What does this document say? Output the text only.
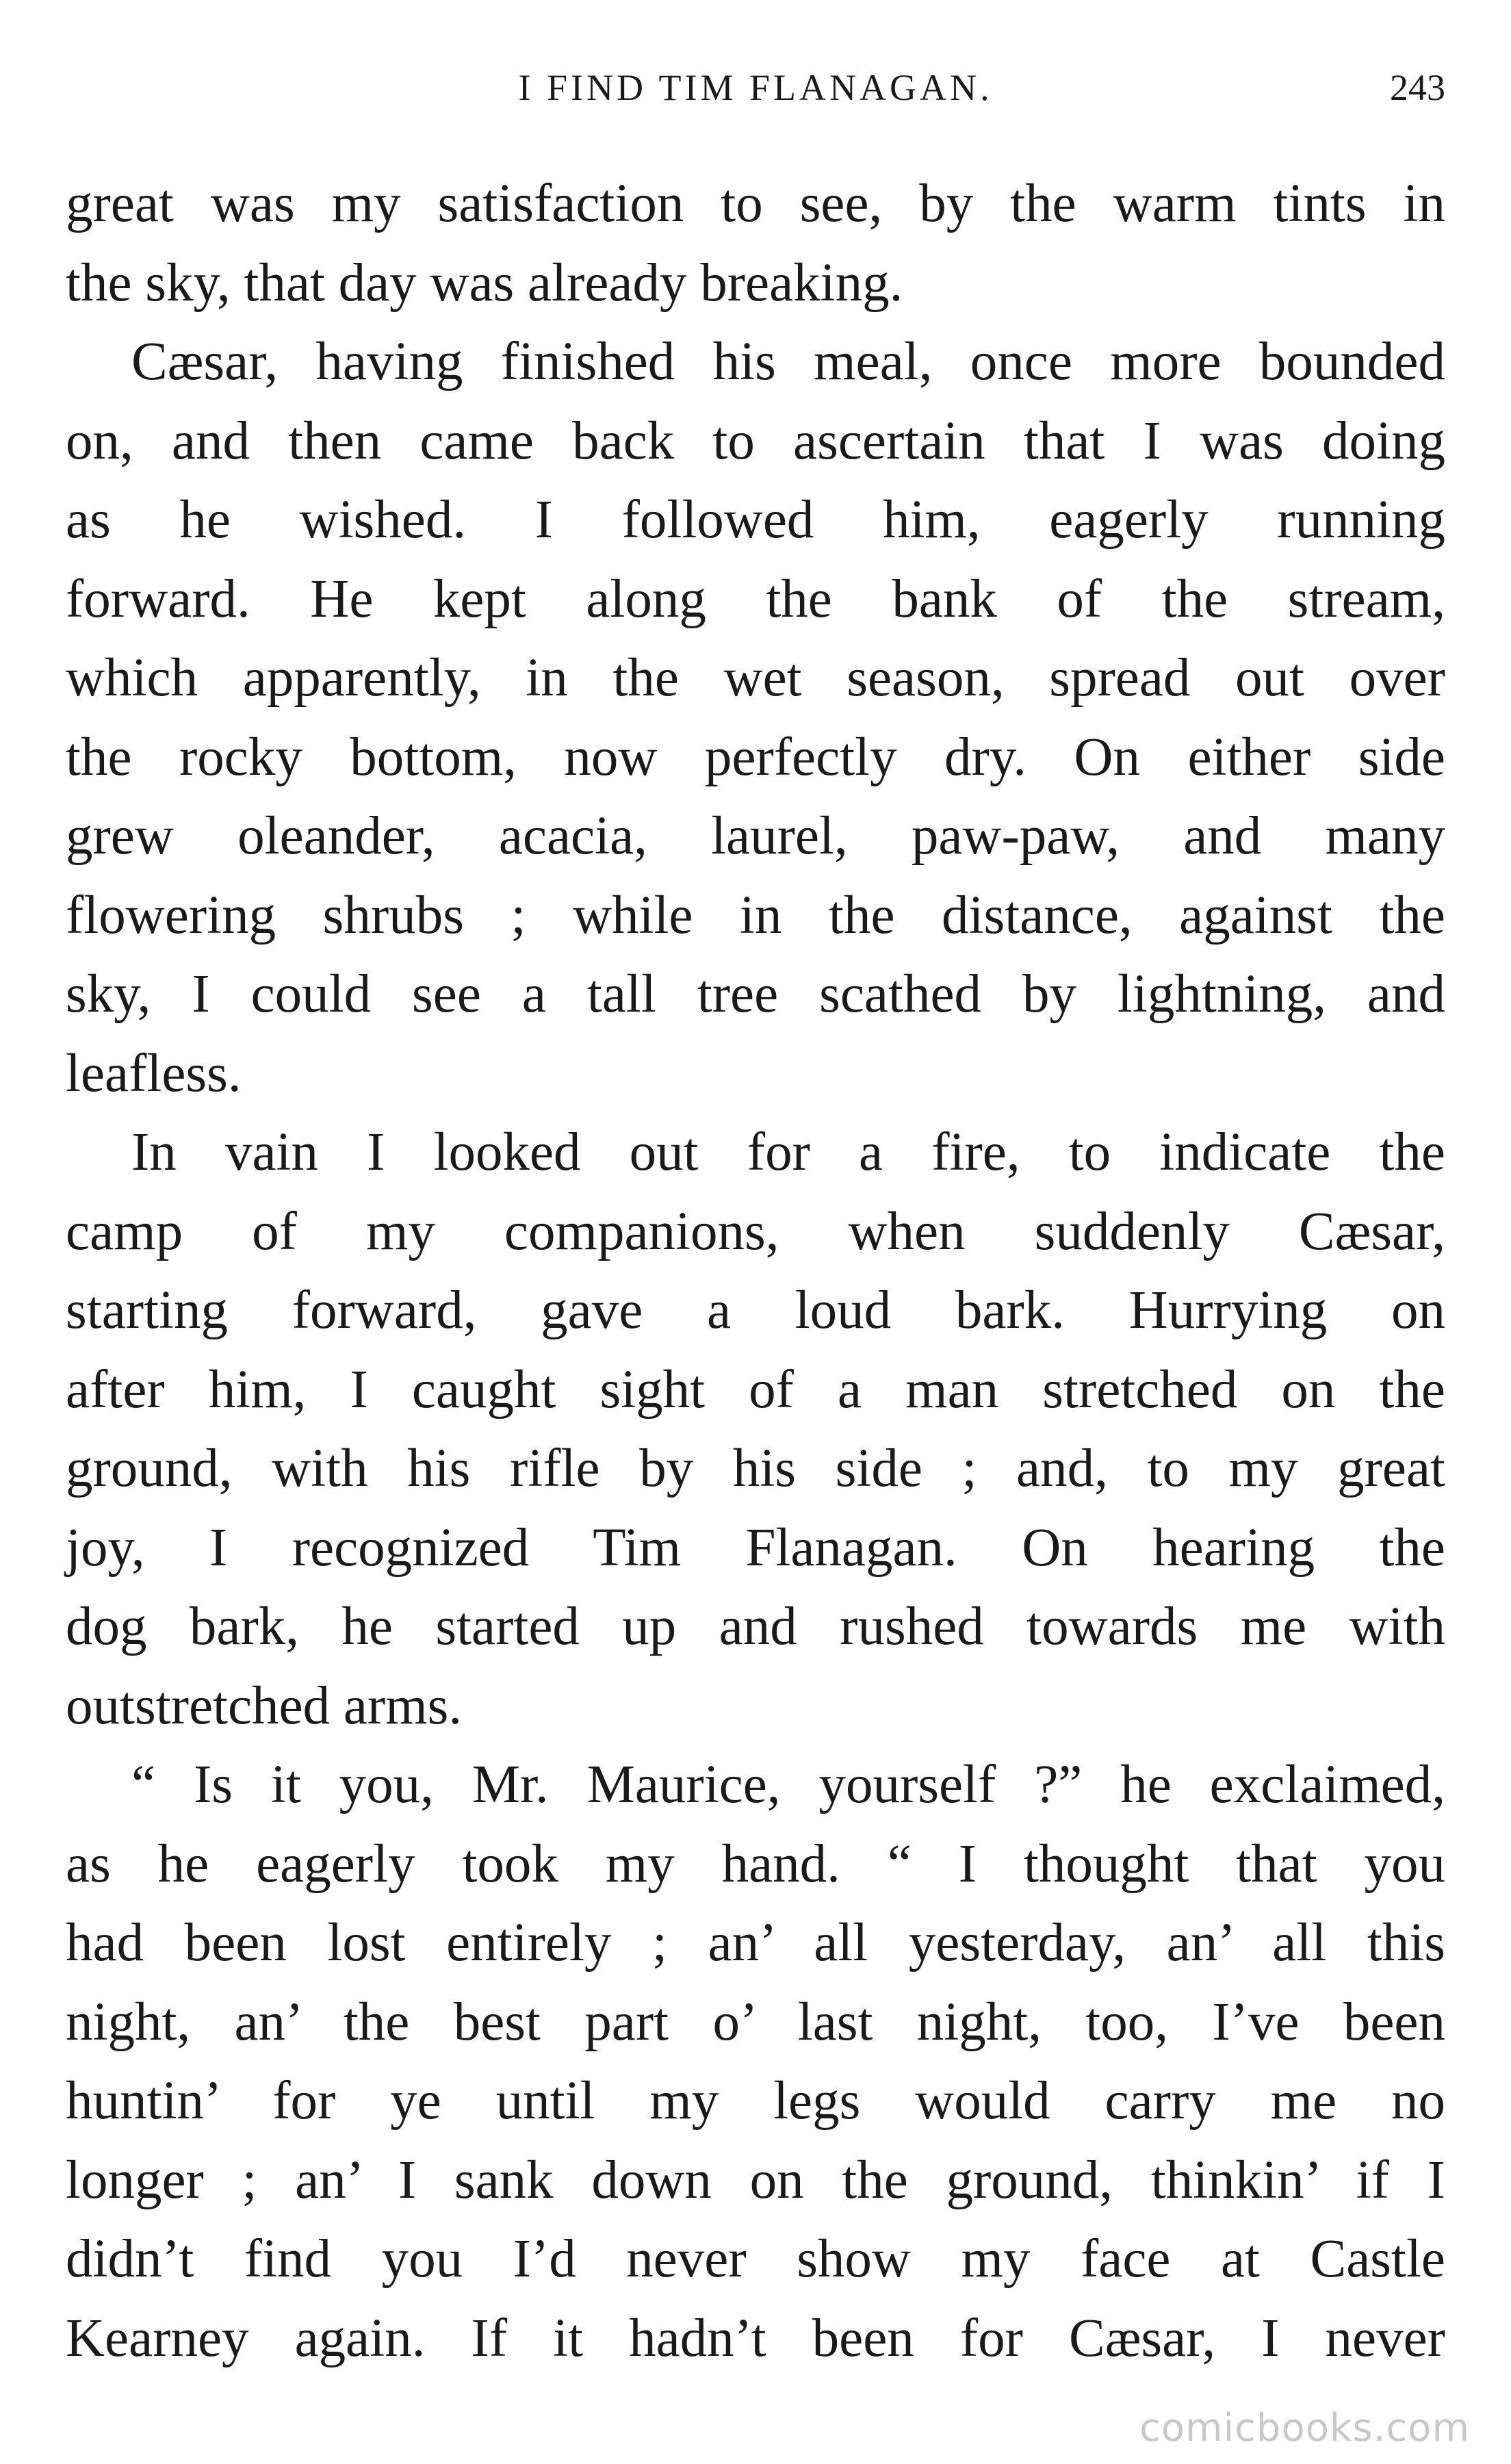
I FIND TIM FLANAGAN.	243

great was my satisfaction to see, by the warm tints in
the sky, that day was already breaking.

Cæsar, having finished his meal, once more bounded
on, and then came back to ascertain that I was doing
as he wished. I followed him, eagerly running
forward. He kept along the bank of the stream,
which apparently, in the wet season, spread out over
the rocky bottom, now perfectly dry. On either side
grew oleander, acacia, laurel, paw-paw, and many
flowering shrubs ; while in the distance, against the
sky, I could see a tall tree scathed by lightning, and
leafless.

In vain I looked out for a fire, to indicate the
camp of my companions, when suddenly Cæsar,
starting forward, gave a loud bark. Hurrying on
after him, I caught sight of a man stretched on the
ground, with his rifle by his side ; and, to my great
joy, I recognized Tim Flanagan. On hearing the
dog bark, he started up and rushed towards me with
outstretched arms.

“ Is it you, Mr. Maurice, yourself ?” he exclaimed,
as he eagerly took my hand. “ I thought that you
had been lost entirely ; an’ all yesterday, an’ all this
night, an’ the best part o’ last night, too, I’ve been
huntin’ for ye until my legs would carry me no
longer ; an’ I sank down on the ground, thinkin’ if I
didn’t find you I’d never show my face at Castle
Kearney again. If it hadn’t been for Cæsar, I never

comicbooks.com
